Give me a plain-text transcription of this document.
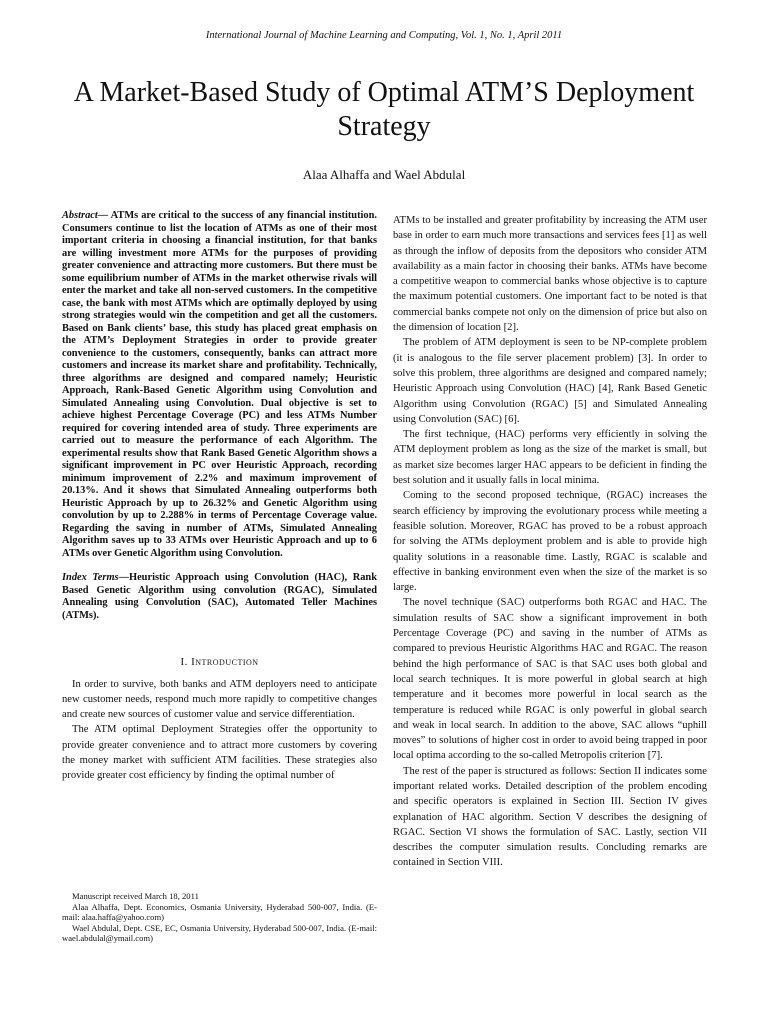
International Journal of Machine Learning and Computing, Vol. 1, No. 1, April 2011
A Market-Based Study of Optimal ATM’S Deployment Strategy
Alaa Alhaffa and Wael Abdulal

Abstract— ATMs are critical to the success of any financial institution. Consumers continue to list the location of ATMs as one of their most important criteria in choosing a financial institution, for that banks are willing investment more ATMs for the purposes of providing greater convenience and attracting more customers. But there must be some equilibrium number of ATMs in the market otherwise rivals will enter the market and take all non-served customers. In the competitive case, the bank with most ATMs which are optimally deployed by using strong strategies would win the competition and get all the customers. Based on Bank clients’ base, this study has placed great emphasis on the ATM’s Deployment Strategies in order to provide greater convenience to the customers, consequently, banks can attract more customers and increase its market share and profitability. Technically, three algorithms are designed and compared namely; Heuristic Approach, Rank-Based Genetic Algorithm using Convolution and Simulated Annealing using Convolution. Dual objective is set to achieve highest Percentage Coverage (PC) and less ATMs Number required for covering intended area of study. Three experiments are carried out to measure the performance of each Algorithm. The experimental results show that Rank Based Genetic Algorithm shows a significant improvement in PC over Heuristic Approach, recording minimum improvement of 2.2% and maximum improvement of 20.13%. And it shows that Simulated Annealing outperforms both Heuristic Approach by up to 26.32% and Genetic Algorithm using convolution by up to 2.288% in terms of Percentage Coverage value. Regarding the saving in number of ATMs, Simulated Annealing Algorithm saves up to 33 ATMs over Heuristic Approach and up to 6 ATMs over Genetic Algorithm using Convolution.

Index Terms—Heuristic Approach using Convolution (HAC), Rank Based Genetic Algorithm using convolution (RGAC), Simulated Annealing using Convolution (SAC), Automated Teller Machines (ATMs).

I. Introduction

In order to survive, both banks and ATM deployers need to anticipate new customer needs, respond much more rapidly to competitive changes and create new sources of customer value and service differentiation.

The ATM optimal Deployment Strategies offer the opportunity to provide greater convenience and to attract more customers by covering the money market with sufficient ATM facilities. These strategies also provide greater cost efficiency by finding the optimal number of

Manuscript received March 18, 2011

Alaa Alhaffa, Dept. Economics, Osmania University, Hyderabad 500-007, India. (E-mail: alaa.haffa@yahoo.com)

Wael Abdulal, Dept. CSE, EC, Osmania University, Hyderabad 500-007, India. (E-mail: wael.abdulal@ymail.com)

ATMs to be installed and greater profitability by increasing the ATM user base in order to earn much more transactions and services fees [1] as well as through the inflow of deposits from the depositors who consider ATM availability as a main factor in choosing their banks. ATMs have become a competitive weapon to commercial banks whose objective is to capture the maximum potential customers. One important fact to be noted is that commercial banks compete not only on the dimension of price but also on the dimension of location [2].

The problem of ATM deployment is seen to be NP-complete problem (it is analogous to the file server placement problem) [3]. In order to solve this problem, three algorithms are designed and compared namely; Heuristic Approach using Convolution (HAC) [4], Rank Based Genetic Algorithm using Convolution (RGAC) [5] and Simulated Annealing using Convolution (SAC) [6].

The first technique, (HAC) performs very efficiently in solving the ATM deployment problem as long as the size of the market is small, but as market size becomes larger HAC appears to be deficient in finding the best solution and it usually falls in local minima.

Coming to the second proposed technique, (RGAC) increases the search efficiency by improving the evolutionary process while meeting a feasible solution. Moreover, RGAC has proved to be a robust approach for solving the ATMs deployment problem and is able to provide high quality solutions in a reasonable time. Lastly, RGAC is scalable and effective in banking environment even when the size of the market is so large.

The novel technique (SAC) outperforms both RGAC and HAC. The simulation results of SAC show a significant improvement in both Percentage Coverage (PC) and saving in the number of ATMs as compared to previous Heuristic Algorithms HAC and RGAC. The reason behind the high performance of SAC is that SAC uses both global and local search techniques. It is more powerful in global search at high temperature and it becomes more powerful in local search as the temperature is reduced while RGAC is only powerful in global search and weak in local search. In addition to the above, SAC allows “uphill moves” to solutions of higher cost in order to avoid being trapped in poor local optima according to the so-called Metropolis criterion [7].

The rest of the paper is structured as follows: Section II indicates some important related works. Detailed description of the problem encoding and specific operators is explained in Section III. Section IV gives explanation of HAC algorithm. Section V describes the designing of RGAC. Section VI shows the formulation of SAC. Lastly, section VII describes the computer simulation results. Concluding remarks are contained in Section VIII.
